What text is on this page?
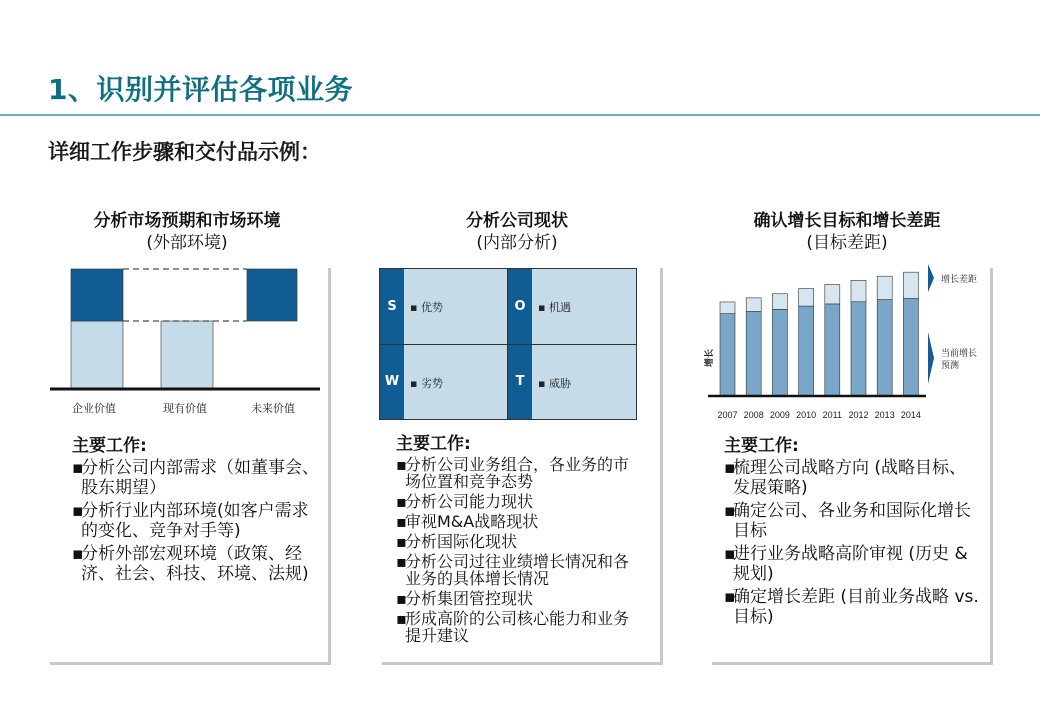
1、识别并评估各项业务
详细工作步骤和交付品示例：
分析市场预期和市场环境
(外部环境)
企业价值	现有价值	未来价值
主要工作:
▪
分析公司内部需求（如董事会、股东期望）
▪
分析行业内部环境(如客户需求的变化、竞争对手等)
▪
分析外部宏观环境（政策、经济、社会、科技、环境、法规)
分析公司现状
(内部分析)
S	▪ 优势	O	▪ 机遇
W ▪ 劣势	T	▪ 威胁
主要工作:
▪
分析公司业务组合，各业务的市场位置和竞争态势
▪
分析公司能力现状
▪
审视M&A战略现状
▪
分析国际化现状
▪
分析公司过往业绩增长情况和各业务的具体增长情况
▪
分析集团管控现状
▪
形成高阶的公司核心能力和业务提升建议
确认增长目标和增长差距
(目标差距)
2007 2008 2009 2010 2011 2012 2013 2014
增长
增长差距
当前增长
预测
主要工作:
▪
梳理公司战略方向 (战略目标、发展策略)
▪
确定公司、各业务和国际化增长目标
▪
进行业务战略高阶审视 (历史 & 规划)
▪
确定增长差距 (目前业务战略 vs. 目标)
